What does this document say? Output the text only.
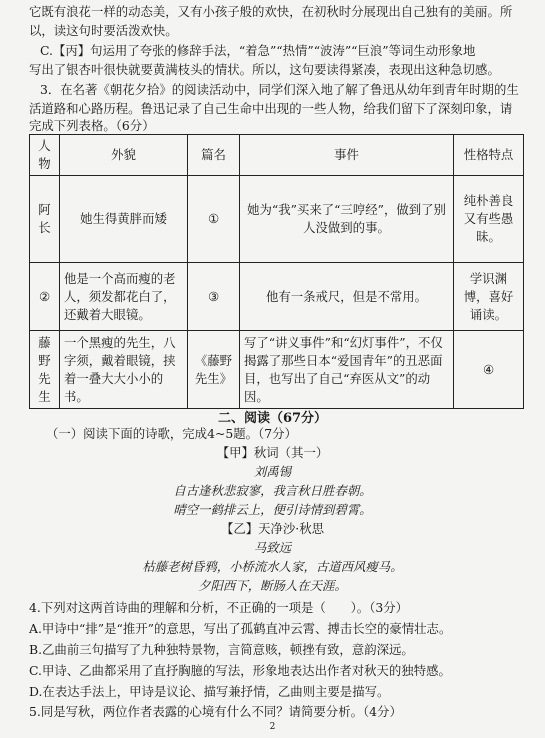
它既有浪花一样的动态美，又有小孩子般的欢快，在初秋时分展现出自己独有的美丽。所
以，读这句时要活泼欢快。
C.【丙】句运用了夸张的修辞手法，“着急”“热情”“波涛”“巨浪”等词生动形象地
写出了银杏叶很快就要黄满枝头的情状。所以，这句要读得紧凑，表现出这种急切感。
3．在名著《朝花夕拾》的阅读活动中，同学们深入地了解了鲁迅从幼年到青年时期的生
活道路和心路历程。鲁迅记录了自己生命中出现的一些人物，给我们留下了深刻印象，请
完成下列表格。（6分）
人物	外貌	篇名	事件	性格特点
阿长	她生得黄胖而矮	①	她为“我”买来了“三哼经”，做到了别人没做到的事。	纯朴善良又有些愚昧。
②	他是一个高而瘦的老人，须发都花白了，还戴着大眼镜。	③	他有一条戒尺，但是不常用。	学识渊博，喜好诵读。
藤野先生	一个黑瘦的先生，八字须，戴着眼镜，挟着一叠大大小小的书。	《藤野先生》	写了“讲义事件”和“幻灯事件”，不仅揭露了那些日本“爱国青年”的丑恶面目，也写出了自己“弃医从文”的动因。	④
二、阅读（67分）
（一）阅读下面的诗歌，完成4~5题。（7分）
【甲】秋词（其一）
刘禹锡
自古逢秋悲寂寥，我言秋日胜春朝。
晴空一鹤排云上，便引诗情到碧霄。
【乙】天净沙·秋思
马致远
枯藤老树昏鸦，小桥流水人家，古道西风瘦马。
夕阳西下，断肠人在天涯。
4.下列对这两首诗曲的理解和分析，不正确的一项是（　　）。（3分）
A.甲诗中“排”是“推开”的意思，写出了孤鹤直冲云霄、搏击长空的豪情壮志。
B.乙曲前三句描写了九种独特景物，言简意赅，顿挫有致，意韵深远。
C.甲诗、乙曲都采用了直抒胸臆的写法，形象地表达出作者对秋天的独特感。
D.在表达手法上，甲诗是议论、描写兼抒情，乙曲则主要是描写。
5.同是写秋，两位作者表露的心境有什么不同？请简要分析。（4分）
2
